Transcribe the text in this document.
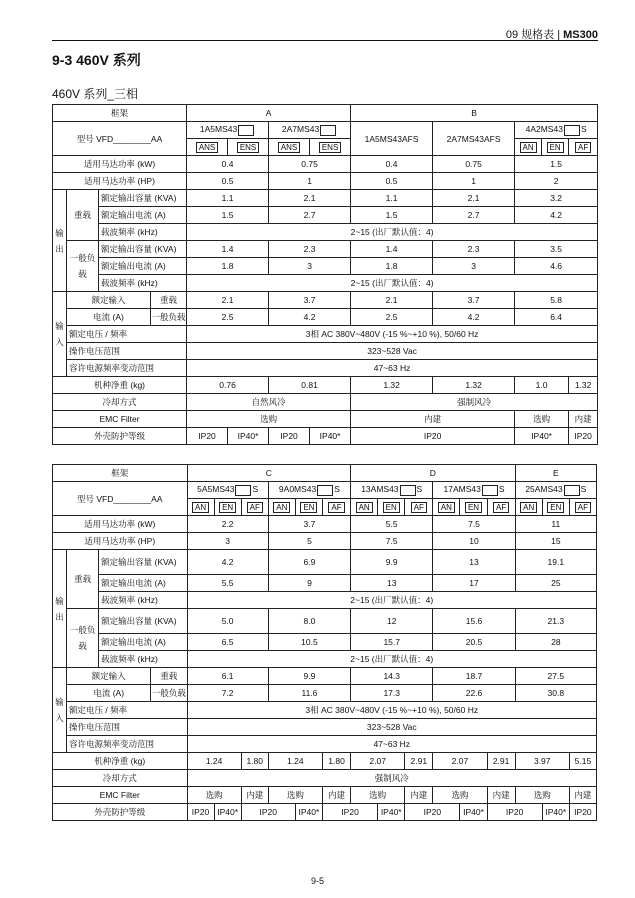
09 规格表 | MS300
9-3 460V 系列
460V 系列_三相
框架				A				B				
型号 VFD________AA				1A5MS43		2A7MS43		1A5MS43AFS	2A7MS43AFS	4A2MS43 S		
				ANS	ENS	ANS	ENS			AN	EN	AF
适用马达功率 (kW)				0.4		0.75		0.4	0.75	1.5		
适用马达功率 (HP)				0.5		1		0.5	1	2		
输出	重载	额定输出容量 (KVA)		1.1		2.1		1.1	2.1	3.2		
		额定输出电流 (A)		1.5		2.7		1.5	2.7	4.2		
		载波频率 (kHz)		2~15 (出厂默认值：4)								
	一般负载	额定输出容量 (KVA)		1.4		2.3		1.4	2.3	3.5		
		额定输出电流 (A)		1.8		3		1.8	3	4.6		
		载波频率 (kHz)		2~15 (出厂默认值：4)								
输入	额定输入		重载	2.1		3.7		2.1	3.7	5.8		
	电流 (A)		一般负载	2.5		4.2		2.5	4.2	6.4		
	额定电压 / 频率			3相 AC 380V~480V (-15 %~+10 %), 50/60 Hz								
	操作电压范围			323~528 Vac								
	容许电源频率变动范围			47~63 Hz								
机种净重 (kg)				0.76		0.81		1.32	1.32	1.0		1.32
冷却方式				自然风冷				强制风冷				
EMC Filter				选购				内建		选购		内建
外壳防护等级				IP20	IP40*	IP20	IP40*	IP20		IP40*		IP20
框架				C						D						E		
型号 VFD________AA				5A5MS43 S			9A0MS43 S			13AMS43 S			17AMS43 S			25AMS43 S		
				AN	EN	AF	AN	EN	AF	AN	EN	AF	AN	EN	AF	AN	EN	AF
适用马达功率 (kW)				2.2			3.7			5.5			7.5			11		
适用马达功率 (HP)				3			5			7.5			10			15		
输出	重载	额定输出容量 (KVA)		4.2			6.9			9.9			13			19.1		
		额定输出电流 (A)		5.5			9			13			17			25		
		载波频率 (kHz)		2~15 (出厂默认值：4)														
	一般负载	额定输出容量 (KVA)		5.0			8.0			12			15.6			21.3		
		额定输出电流 (A)		6.5			10.5			15.7			20.5			28		
		载波频率 (kHz)		2~15 (出厂默认值：4)														
输入	额定输入		重载	6.1			9.9			14.3			18.7			27.5		
	电流 (A)		一般负载	7.2			11.6			17.3			22.6			30.8		
	额定电压 / 频率			3相 AC 380V~480V (-15 %~+10 %), 50/60 Hz														
	操作电压范围			323~528 Vac														
	容许电源频率变动范围			47~63 Hz														
机种净重 (kg)				1.24		1.80	1.24		1.80	2.07		2.91	2.07		2.91	3.97		5.15
冷却方式				强制风冷														
EMC Filter				选购		内建	选购		内建	选购		内建	选购		内建	选购		内建
外壳防护等级				IP20	IP40*	IP20		IP40*	IP20		IP40*	IP20		IP40*	IP20		IP40*	IP20
9-5
